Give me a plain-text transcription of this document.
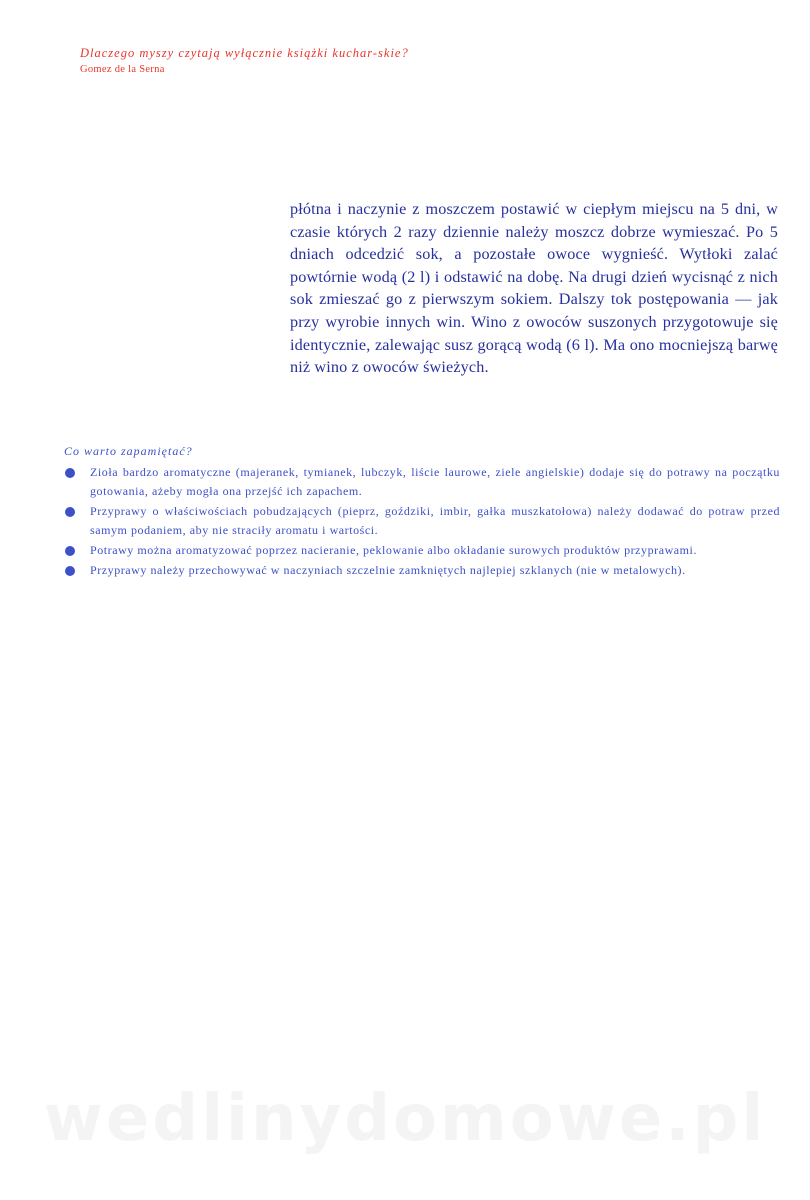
Dlaczego myszy czytają wyłącznie książki kuchar-skie?
Gomez de la Serna

płótna i naczynie z moszczem postawić w ciepłym miejscu na 5 dni, w czasie których 2 razy dziennie należy moszcz dobrze wymieszać. Po 5 dniach odcedzić sok, a pozostałe owoce wygnieść. Wytłoki zalać powtórnie wodą (2 l) i odstawić na dobę. Na drugi dzień wycisnąć z nich sok zmieszać go z pierwszym sokiem. Dalszy tok postępowania — jak przy wyrobie innych win. Wino z owoców suszonych przygotowuje się identycznie, zalewając susz gorącą wodą (6 l). Ma ono mocniejszą barwę niż wino z owoców świeżych.

Co warto zapamiętać?
Zioła bardzo aromatyczne (majeranek, tymianek, lubczyk, liście laurowe, ziele angielskie) dodaje się do potrawy na początku gotowania, ażeby mogła ona przejść ich zapachem.
Przyprawy o właściwościach pobudzających (pieprz, goździki, imbir, gałka muszkatołowa) należy dodawać do potraw przed samym podaniem, aby nie straciły aromatu i wartości.
Potrawy można aromatyzować poprzez nacieranie, peklowanie albo okładanie surowych produktów przyprawami.
Przyprawy należy przechowywać w naczyniach szczelnie zamkniętych najlepiej szklanych (nie w metalowych).
wedlinydomowe.pl
